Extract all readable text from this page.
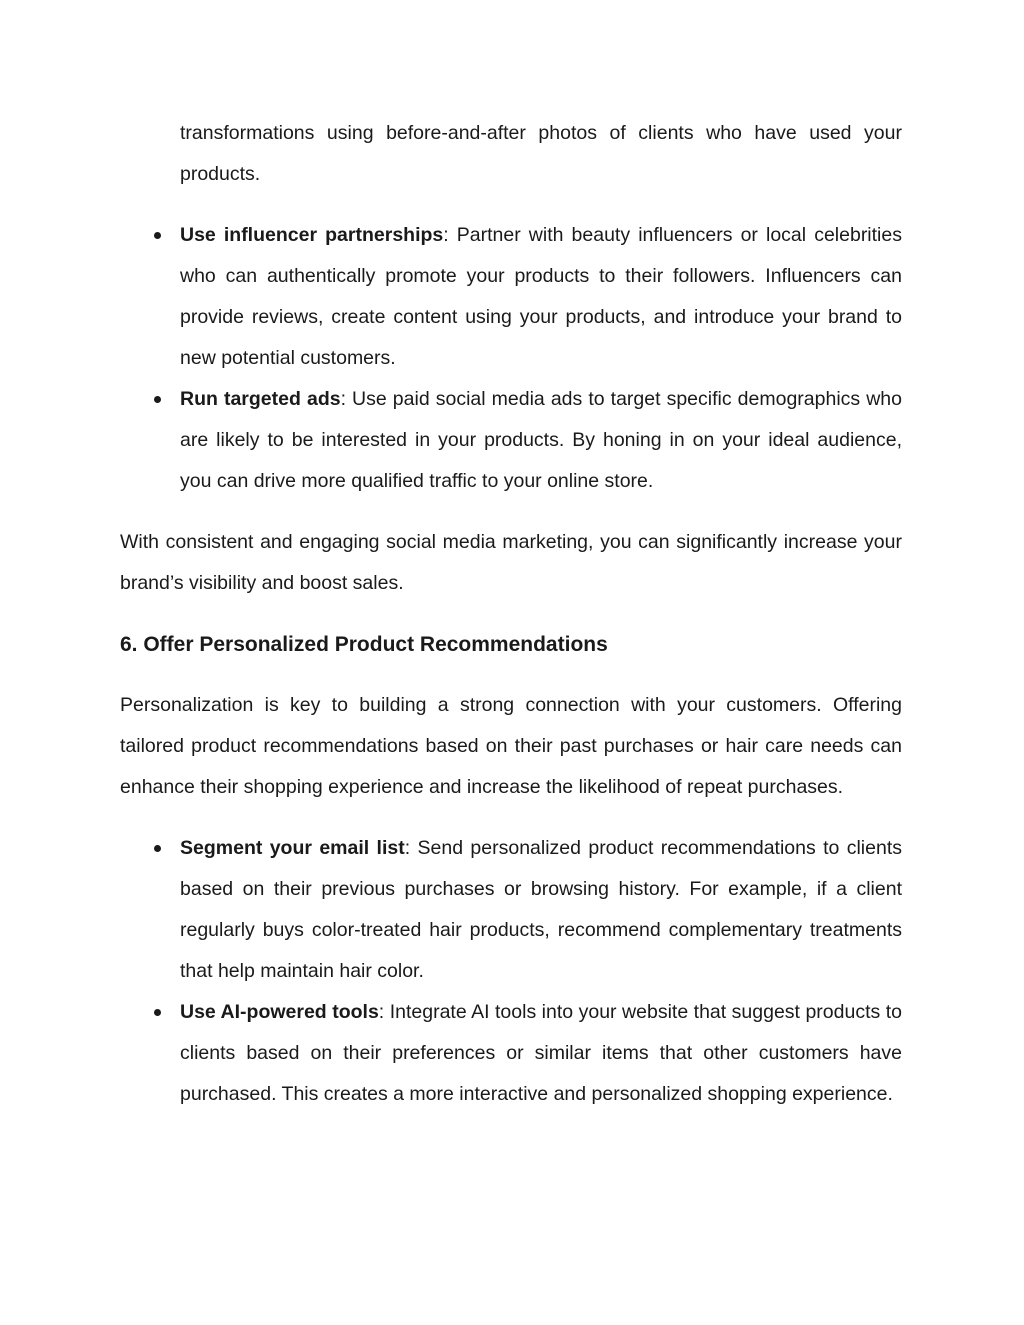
transformations using before-and-after photos of clients who have used your products.

Use influencer partnerships: Partner with beauty influencers or local celebrities who can authentically promote your products to their followers. Influencers can provide reviews, create content using your products, and introduce your brand to new potential customers.
Run targeted ads: Use paid social media ads to target specific demographics who are likely to be interested in your products. By honing in on your ideal audience, you can drive more qualified traffic to your online store.

With consistent and engaging social media marketing, you can significantly increase your brand’s visibility and boost sales.

6. Offer Personalized Product Recommendations

Personalization is key to building a strong connection with your customers. Offering tailored product recommendations based on their past purchases or hair care needs can enhance their shopping experience and increase the likelihood of repeat purchases.

Segment your email list: Send personalized product recommendations to clients based on their previous purchases or browsing history. For example, if a client regularly buys color-treated hair products, recommend complementary treatments that help maintain hair color.
Use AI-powered tools: Integrate AI tools into your website that suggest products to clients based on their preferences or similar items that other customers have purchased. This creates a more interactive and personalized shopping experience.
